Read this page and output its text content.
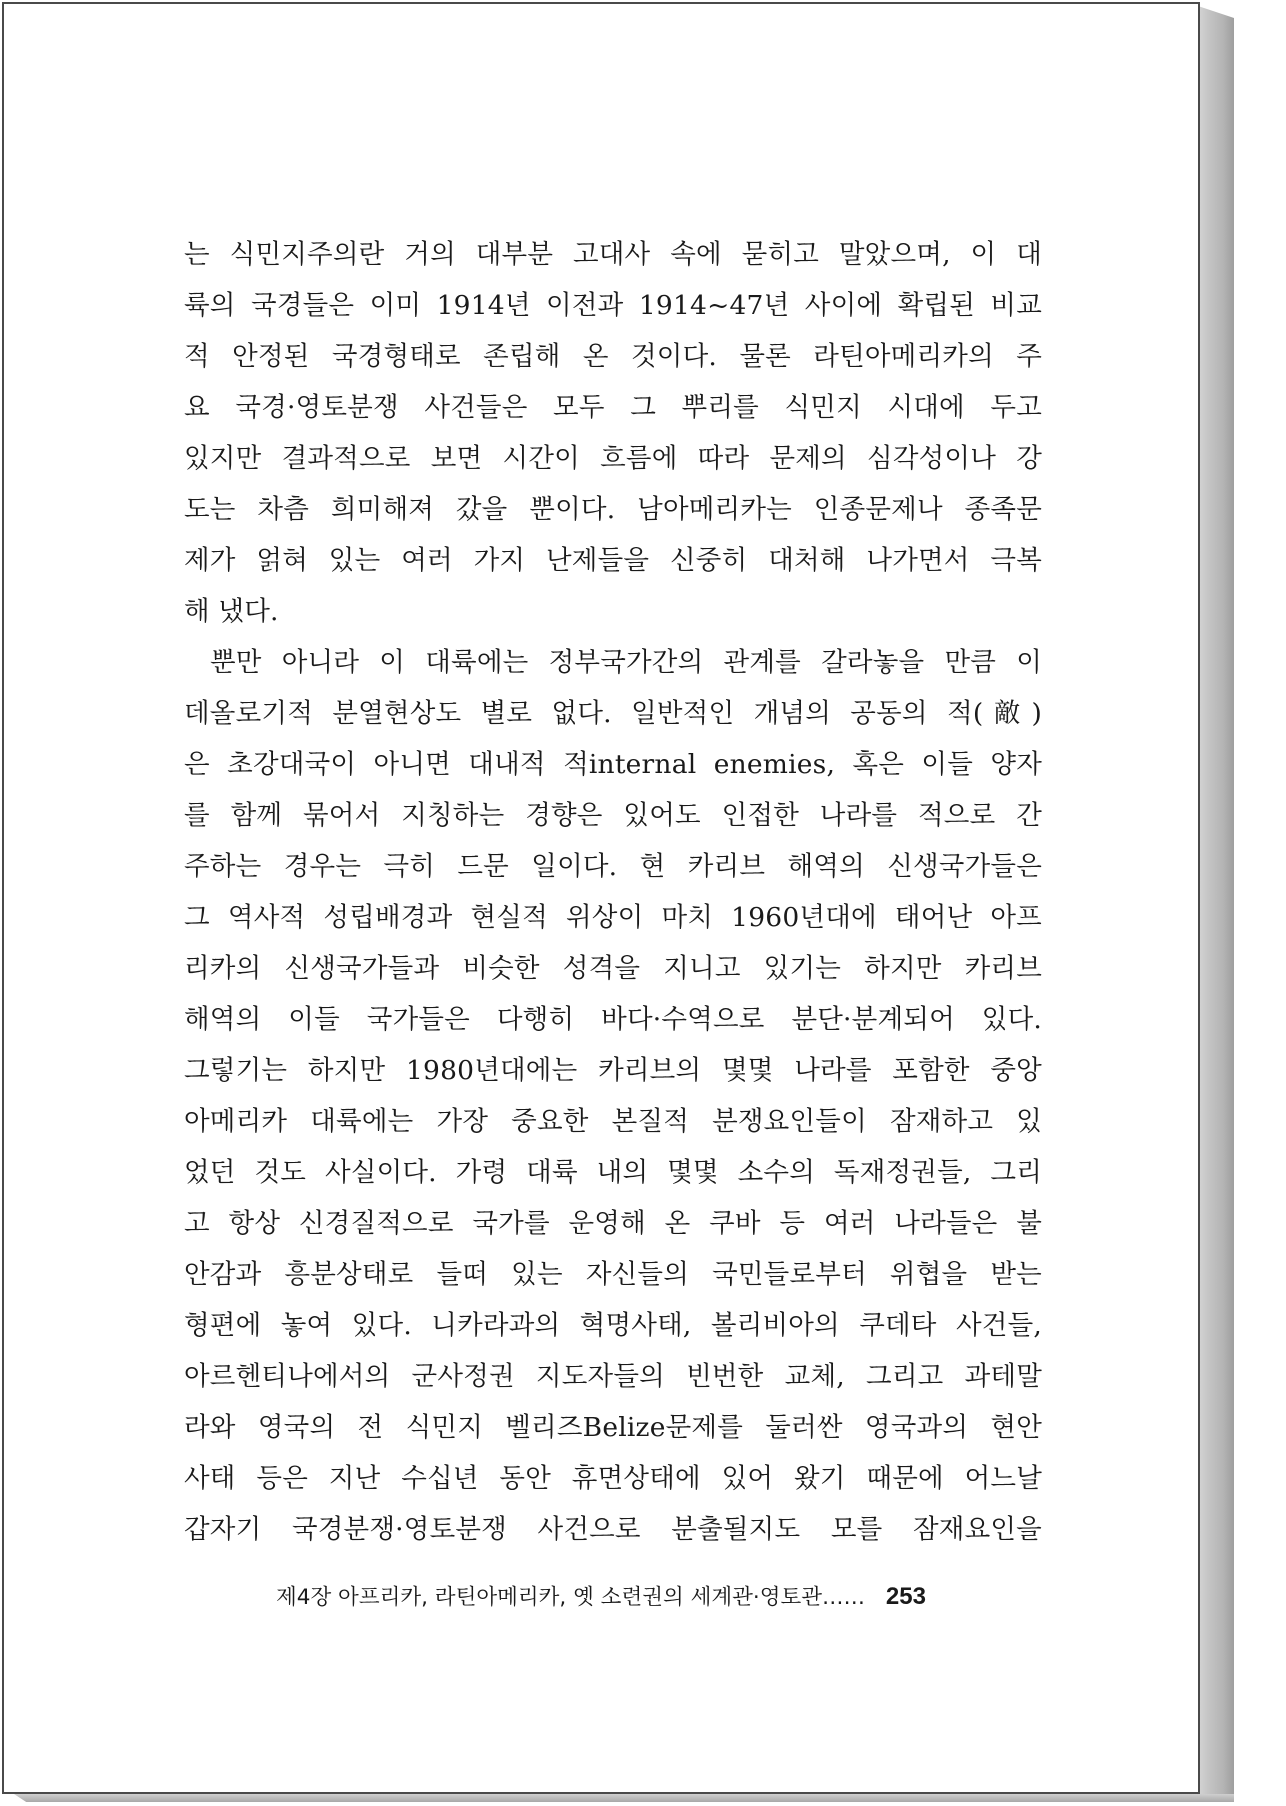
는 식민지주의란 거의 대부분 고대사 속에 묻히고 말았으며, 이 대
륙의 국경들은 이미 1914년 이전과 1914~47년 사이에 확립된 비교
적 안정된 국경형태로 존립해 온 것이다. 물론 라틴아메리카의 주
요 국경·영토분쟁 사건들은 모두 그 뿌리를 식민지 시대에 두고
있지만 결과적으로 보면 시간이 흐름에 따라 문제의 심각성이나 강
도는 차츰 희미해져 갔을 뿐이다. 남아메리카는 인종문제나 종족문
제가 얽혀 있는 여러 가지 난제들을 신중히 대처해 나가면서 극복
해 냈다.
뿐만 아니라 이 대륙에는 정부국가간의 관계를 갈라놓을 만큼 이
데올로기적 분열현상도 별로 없다. 일반적인 개념의 공동의 적(敵)
은 초강대국이 아니면 대내적 적internal enemies, 혹은 이들 양자
를 함께 묶어서 지칭하는 경향은 있어도 인접한 나라를 적으로 간
주하는 경우는 극히 드문 일이다. 현 카리브 해역의 신생국가들은
그 역사적 성립배경과 현실적 위상이 마치 1960년대에 태어난 아프
리카의 신생국가들과 비슷한 성격을 지니고 있기는 하지만 카리브
해역의 이들 국가들은 다행히 바다·수역으로 분단·분계되어 있다.
그렇기는 하지만 1980년대에는 카리브의 몇몇 나라를 포함한 중앙
아메리카 대륙에는 가장 중요한 본질적 분쟁요인들이 잠재하고 있
었던 것도 사실이다. 가령 대륙 내의 몇몇 소수의 독재정권들, 그리
고 항상 신경질적으로 국가를 운영해 온 쿠바 등 여러 나라들은 불
안감과 흥분상태로 들떠 있는 자신들의 국민들로부터 위협을 받는
형편에 놓여 있다. 니카라과의 혁명사태, 볼리비아의 쿠데타 사건들,
아르헨티나에서의 군사정권 지도자들의 빈번한 교체, 그리고 과테말
라와 영국의 전 식민지 벨리즈Belize문제를 둘러싼 영국과의 현안
사태 등은 지난 수십년 동안 휴면상태에 있어 왔기 때문에 어느날
갑자기 국경분쟁·영토분쟁 사건으로 분출될지도 모를 잠재요인을
제4장 아프리카, 라틴아메리카, 옛 소련권의 세계관·영토관…… 253
